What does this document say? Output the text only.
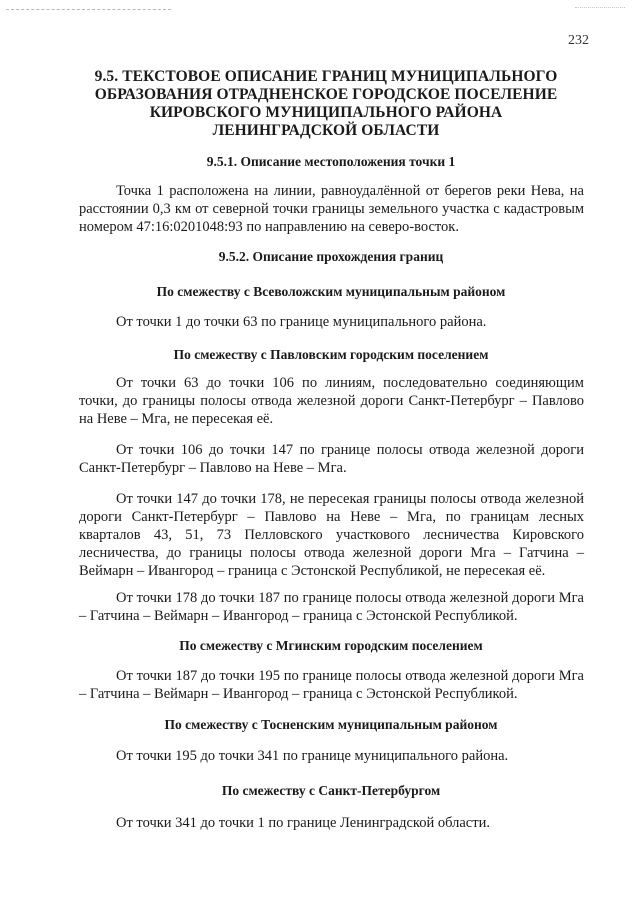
232
9.5. ТЕКСТОВОЕ ОПИСАНИЕ ГРАНИЦ МУНИЦИПАЛЬНОГО ОБРАЗОВАНИЯ ОТРАДНЕНСКОЕ ГОРОДСКОЕ ПОСЕЛЕНИЕ КИРОВСКОГО МУНИЦИПАЛЬНОГО РАЙОНА ЛЕНИНГРАДСКОЙ ОБЛАСТИ
9.5.1. Описание местоположения точки 1

Точка 1 расположена на линии, равноудалённой от берегов реки Нева, на расстоянии 0,3 км от северной точки границы земельного участка с кадастровым номером 47:16:0201048:93 по направлению на северо-восток.

9.5.2. Описание прохождения границ
По смежеству с Всеволожским муниципальным районом

От точки 1 до точки 63 по границе муниципального района.

По смежеству с Павловским городским поселением

От точки 63 до точки 106 по линиям, последовательно соединяющим точки, до границы полосы отвода железной дороги Санкт-Петербург – Павлово на Неве – Мга, не пересекая её.

От точки 106 до точки 147 по границе полосы отвода железной дороги Санкт-Петербург – Павлово на Неве – Мга.

От точки 147 до точки 178, не пересекая границы полосы отвода железной дороги Санкт-Петербург – Павлово на Неве – Мга, по границам лесных кварталов 43, 51, 73 Пелловского участкового лесничества Кировского лесничества, до границы полосы отвода железной дороги Мга – Гатчина – Веймарн – Ивангород – граница с Эстонской Республикой, не пересекая её.

От точки 178 до точки 187 по границе полосы отвода железной дороги Мга – Гатчина – Веймарн – Ивангород – граница с Эстонской Республикой.

По смежеству с Мгинским городским поселением

От точки 187 до точки 195 по границе полосы отвода железной дороги Мга – Гатчина – Веймарн – Ивангород – граница с Эстонской Республикой.

По смежеству с Тосненским муниципальным районом

От точки 195 до точки 341 по границе муниципального района.

По смежеству с Санкт-Петербургом

От точки 341 до точки 1 по границе Ленинградской области.
